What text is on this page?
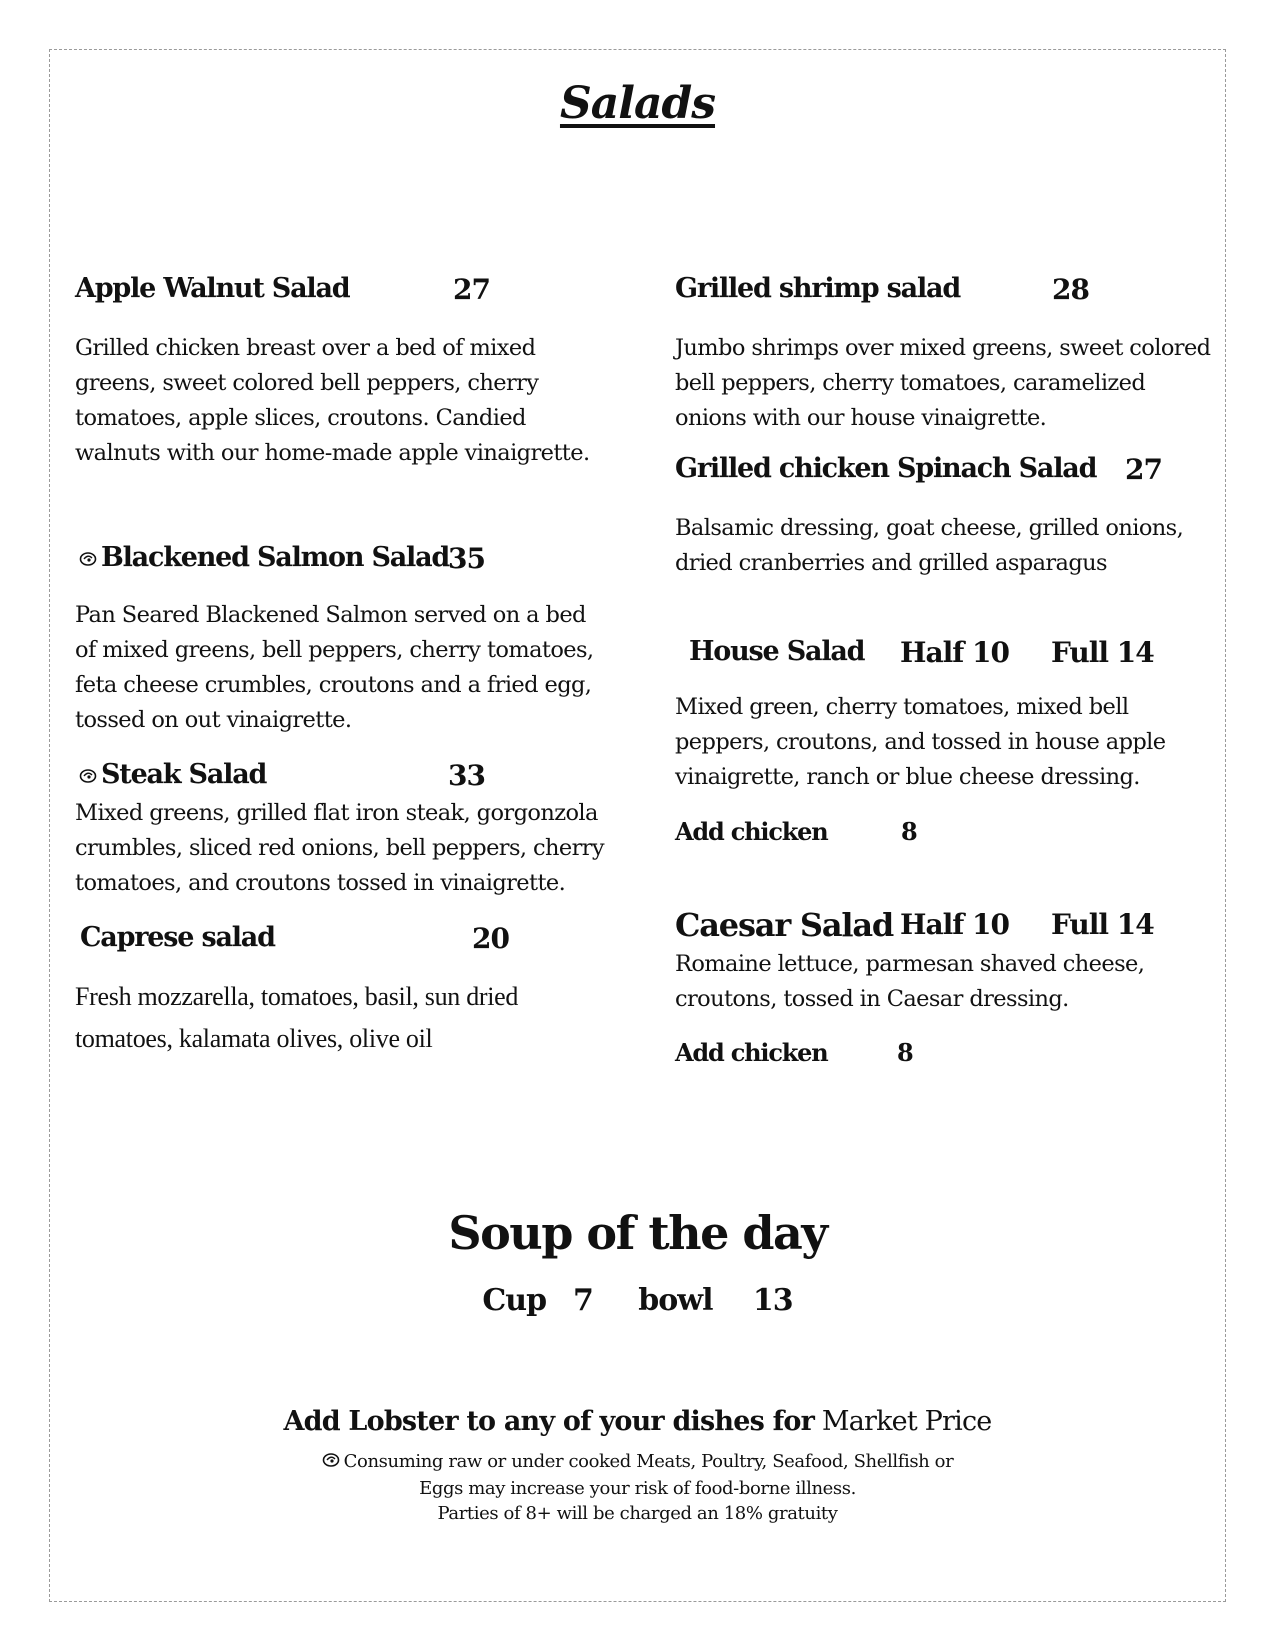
Salads
Apple Walnut Salad	27
Grilled chicken breast over a bed of mixed
greens, sweet colored bell peppers, cherry
tomatoes, apple slices, croutons. Candied
walnuts with our home-made apple vinaigrette.
Blackened Salmon Salad
35
Pan Seared Blackened Salmon served on a bed
of mixed greens, bell peppers, cherry tomatoes,
feta cheese crumbles, croutons and a fried egg,
tossed on out vinaigrette.
Steak Salad	33
Mixed greens, grilled flat iron steak, gorgonzola
crumbles, sliced red onions, bell peppers, cherry
tomatoes, and croutons tossed in vinaigrette.
Caprese salad	20
Fresh mozzarella, tomatoes, basil, sun dried
tomatoes, kalamata olives, olive oil
Grilled shrimp salad	28
Jumbo shrimps over mixed greens, sweet colored
bell peppers, cherry tomatoes, caramelized
onions with our house vinaigrette.
Grilled chicken Spinach Salad 27
Balsamic dressing, goat cheese, grilled onions,
dried cranberries and grilled asparagus
House Salad Half 10 Full 14
Mixed green, cherry tomatoes, mixed bell
peppers, croutons, and tossed in house apple
vinaigrette, ranch or blue cheese dressing.
Add chicken	8
Caesar Salad Half 10 Full 14
Romaine lettuce, parmesan shaved cheese,
croutons, tossed in Caesar dressing.
Add chicken	8
Soup of the day
Cup 7 bowl 13
Add Lobster to any of your dishes for Market Price
Consuming raw or under cooked Meats, Poultry, Seafood, Shellfish or
Eggs may increase your risk of food-borne illness.
Parties of 8+ will be charged an 18% gratuity
